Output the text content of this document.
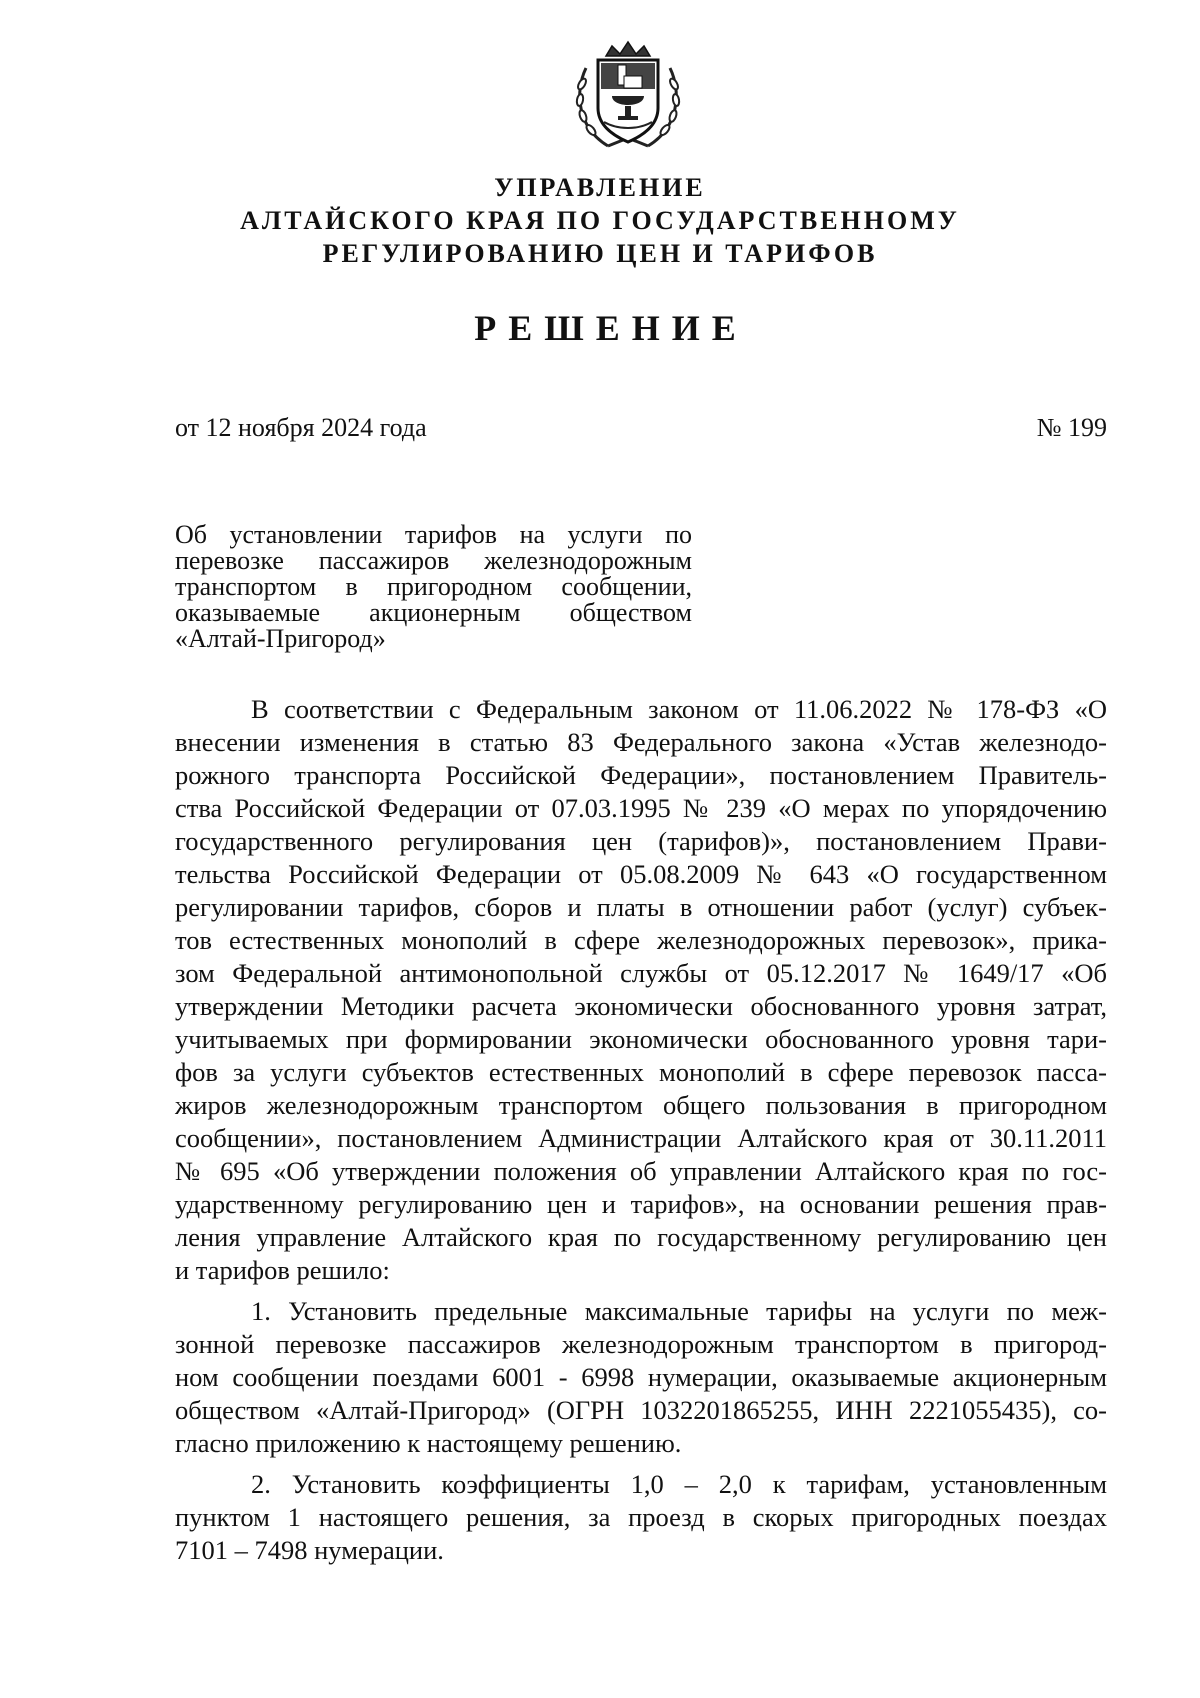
УПРАВЛЕНИЕ
АЛТАЙСКОГО КРАЯ ПО ГОСУДАРСТВЕННОМУ
РЕГУЛИРОВАНИЮ ЦЕН И ТАРИФОВ
РЕШЕНИЕ
от 12 ноября 2024 года	№ 199
Об установлении тарифов на услуги по
перевозке пассажиров железнодорожным
транспортом в пригородном сообщении,
оказываемые акционерным обществом
«Алтай-Пригород»
В соответствии с Федеральным законом от 11.06.2022 № 178-ФЗ «О
внесении изменения в статью 83 Федерального закона «Устав железнодо-
рожного транспорта Российской Федерации», постановлением Правитель-
ства Российской Федерации от 07.03.1995 № 239 «О мерах по упорядочению
государственного регулирования цен (тарифов)», постановлением Прави-
тельства Российской Федерации от 05.08.2009 № 643 «О государственном
регулировании тарифов, сборов и платы в отношении работ (услуг) субъек-
тов естественных монополий в сфере железнодорожных перевозок», прика-
зом Федеральной антимонопольной службы от 05.12.2017 № 1649/17 «Об
утверждении Методики расчета экономически обоснованного уровня затрат,
учитываемых при формировании экономически обоснованного уровня тари-
фов за услуги субъектов естественных монополий в сфере перевозок пасса-
жиров железнодорожным транспортом общего пользования в пригородном
сообщении», постановлением Администрации Алтайского края от 30.11.2011
№ 695 «Об утверждении положения об управлении Алтайского края по гос-
ударственному регулированию цен и тарифов», на основании решения прав-
ления управление Алтайского края по государственному регулированию цен
и тарифов решило:
1. Установить предельные максимальные тарифы на услуги по меж-
зонной перевозке пассажиров железнодорожным транспортом в пригород-
ном сообщении поездами 6001 - 6998 нумерации, оказываемые акционерным
обществом «Алтай-Пригород» (ОГРН 1032201865255, ИНН 2221055435), со-
гласно приложению к настоящему решению.
2. Установить коэффициенты 1,0 – 2,0 к тарифам, установленным
пунктом 1 настоящего решения, за проезд в скорых пригородных поездах
7101 – 7498 нумерации.
